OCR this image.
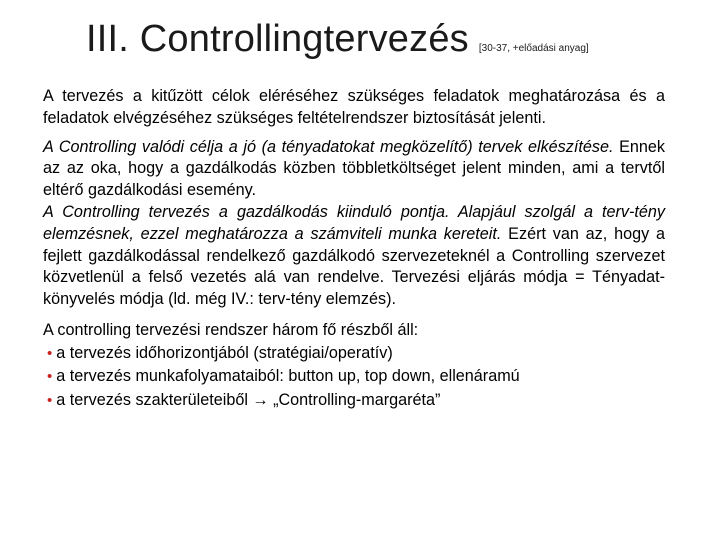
III. Controllingtervezés [30-37, +előadási anyag]

A tervezés a kitűzött célok eléréséhez szükséges feladatok meghatározása és a feladatok elvégzéséhez szükséges feltételrendszer biztosítását jelenti.

A Controlling valódi célja a jó (a tényadatokat megközelítő) tervek elkészítése. Ennek az az oka, hogy a gazdálkodás közben többletköltséget jelent minden, ami a tervtől eltérő gazdálkodási esemény.

A Controlling tervezés a gazdálkodás kiinduló pontja. Alapjául szolgál a terv-tény elemzésnek, ezzel meghatározza a számviteli munka kereteit. Ezért van az, hogy a fejlett gazdálkodással rendelkező gazdálkodó szervezeteknél a Controlling szervezet közvetlenül a felső vezetés alá van rendelve. Tervezési eljárás módja = Tényadat-könyvelés módja (ld. még IV.: terv-tény elemzés).

A controlling tervezési rendszer három fő részből áll:

• a tervezés időhorizontjából (stratégiai/operatív)
• a tervezés munkafolyamataiból: button up, top down, ellenáramú
• a tervezés szakterületeiből → „Controlling-margaréta”
